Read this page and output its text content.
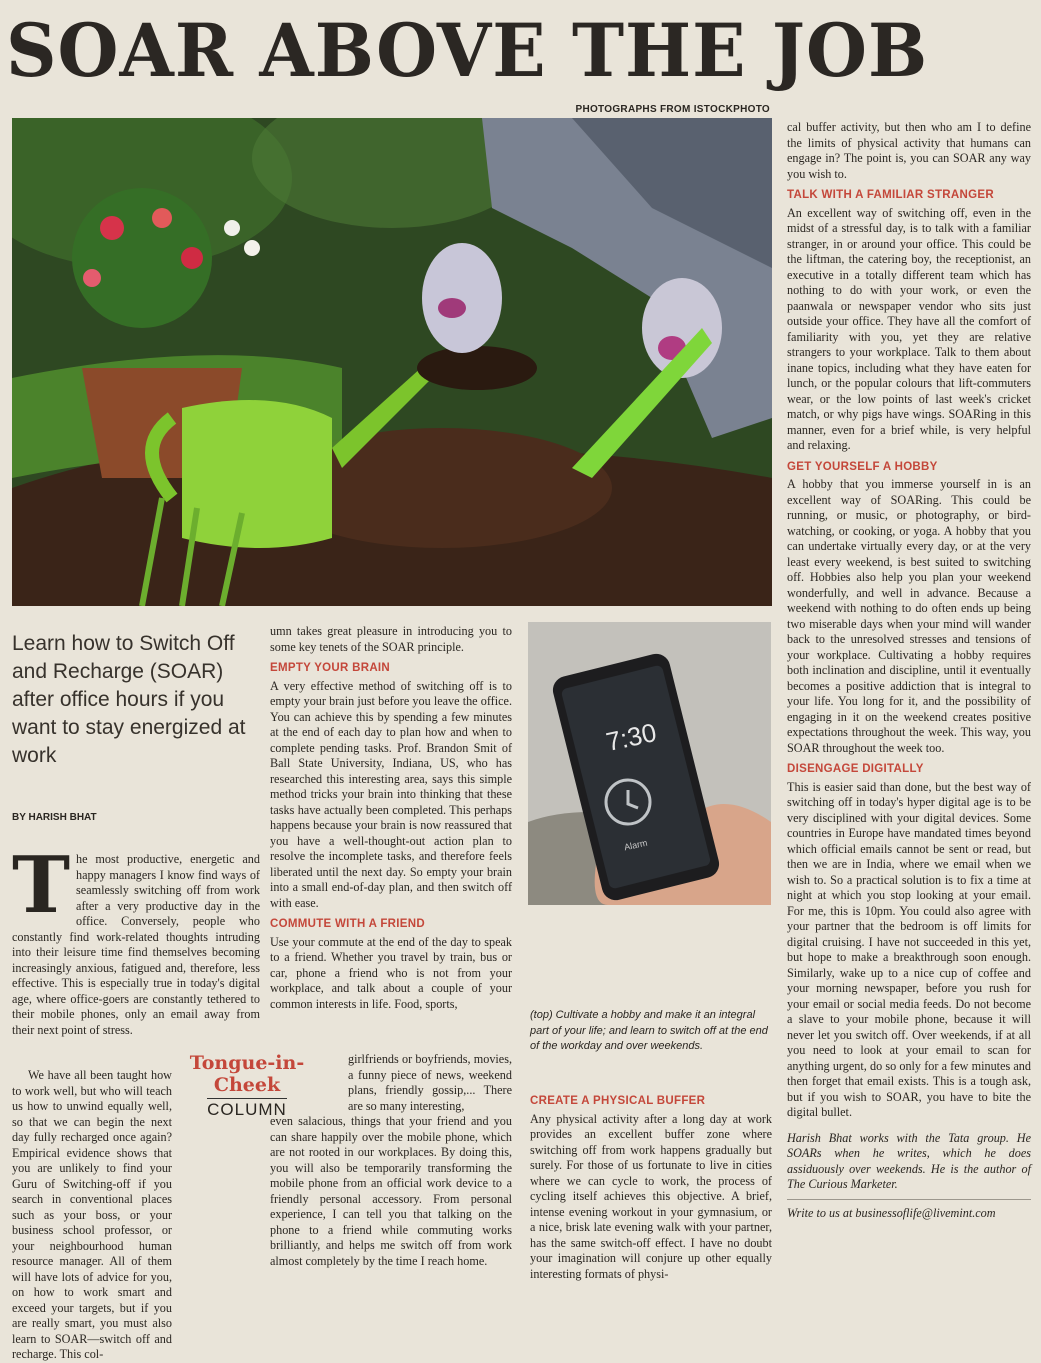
SOAR ABOVE THE JOB
PHOTOGRAPHS FROM ISTOCKPHOTO
Learn how to Switch Off and Recharge (SOAR) after office hours if you want to stay energized at work
BY HARISH BHAT

The most productive, energetic and happy managers I know find ways of seamlessly switching off from work after a very productive day in the office. Conversely, people who constantly find work-related thoughts intruding into their leisure time find themselves becoming increasingly anxious, fatigued and, therefore, less effective. This is especially true in today's digital age, where office-goers are constantly tethered to their mobile phones, only an email away from their next point of stress.

We have all been taught how to work well, but who will teach us how to unwind equally well, so that we can begin the next day fully recharged once again? Empirical evidence shows that you are unlikely to find your Guru of Switching-off if you search in conventional places such as your boss, or your business school professor, or your neighbourhood human resource manager. All of them will have lots of advice for you, on how to work smart and exceed your targets, but if you are really smart, you must also learn to SOAR—switch off and recharge. This col-

Tongue-in-Cheek
COLUMN

umn takes great pleasure in introducing you to some key tenets of the SOAR principle.

EMPTY YOUR BRAIN

A very effective method of switching off is to empty your brain just before you leave the office. You can achieve this by spending a few minutes at the end of each day to plan how and when to complete pending tasks. Prof. Brandon Smit of Ball State University, Indiana, US, who has researched this interesting area, says this simple method tricks your brain into thinking that these tasks have actually been completed. This perhaps happens because your brain is now reassured that you have a well-thought-out action plan to resolve the incomplete tasks, and therefore feels liberated until the next day. So empty your brain into a small end-of-day plan, and then switch off with ease.

COMMUTE WITH A FRIEND

Use your commute at the end of the day to speak to a friend. Whether you travel by train, bus or car, phone a friend who is not from your workplace, and talk about a couple of your common interests in life. Food, sports,

girlfriends or boyfriends, movies, a funny piece of news, weekend plans, friendly gossip,... There are so many interesting,

even salacious, things that your friend and you can share happily over the mobile phone, which are not rooted in our workplaces. By doing this, you will also be temporarily transforming the mobile phone from an official work device to a friendly personal accessory. From personal experience, I can tell you that talking on the phone to a friend while commuting works brilliantly, and helps me switch off from work almost completely by the time I reach home.

7:30
Alarm
(top) Cultivate a hobby and make it an integral part of your life; and learn to switch off at the end of the workday and over weekends.
CREATE A PHYSICAL BUFFER

Any physical activity after a long day at work provides an excellent buffer zone where switching off from work happens gradually but surely. For those of us fortunate to live in cities where we can cycle to work, the process of cycling itself achieves this objective. A brief, intense evening workout in your gymnasium, or a nice, brisk late evening walk with your partner, has the same switch-off effect. I have no doubt your imagination will conjure up other equally interesting formats of physi-

cal buffer activity, but then who am I to define the limits of physical activity that humans can engage in? The point is, you can SOAR any way you wish to.

TALK WITH A FAMILIAR STRANGER

An excellent way of switching off, even in the midst of a stressful day, is to talk with a familiar stranger, in or around your office. This could be the liftman, the catering boy, the receptionist, an executive in a totally different team which has nothing to do with your work, or even the paanwala or newspaper vendor who sits just outside your office. They have all the comfort of familiarity with you, yet they are relative strangers to your workplace. Talk to them about inane topics, including what they have eaten for lunch, or the popular colours that lift-commuters wear, or the low points of last week's cricket match, or why pigs have wings. SOARing in this manner, even for a brief while, is very helpful and relaxing.

GET YOURSELF A HOBBY

A hobby that you immerse yourself in is an excellent way of SOARing. This could be running, or music, or photography, or bird-watching, or cooking, or yoga. A hobby that you can undertake virtually every day, or at the very least every weekend, is best suited to switching off. Hobbies also help you plan your weekend wonderfully, and well in advance. Because a weekend with nothing to do often ends up being two miserable days when your mind will wander back to the unresolved stresses and tensions of your workplace. Cultivating a hobby requires both inclination and discipline, until it eventually becomes a positive addiction that is integral to your life. You long for it, and the possibility of engaging in it on the weekend creates positive expectations throughout the week. This way, you SOAR throughout the week too.

DISENGAGE DIGITALLY

This is easier said than done, but the best way of switching off in today's hyper digital age is to be very disciplined with your digital devices. Some countries in Europe have mandated times beyond which official emails cannot be sent or read, but then we are in India, where we email when we wish to. So a practical solution is to fix a time at night at which you stop looking at your email. For me, this is 10pm. You could also agree with your partner that the bedroom is off limits for digital cruising. I have not succeeded in this yet, but hope to make a breakthrough soon enough. Similarly, wake up to a nice cup of coffee and your morning newspaper, before you rush for your email or social media feeds. Do not become a slave to your mobile phone, because it will never let you switch off. Over weekends, if at all you need to look at your email to scan for anything urgent, do so only for a few minutes and then forget that email exists. This is a tough ask, but if you wish to SOAR, you have to bite the digital bullet.

Harish Bhat works with the Tata group. He SOARs when he writes, which he does assiduously over weekends. He is the author of The Curious Marketer.

Write to us at businessoflife@livemint.com
